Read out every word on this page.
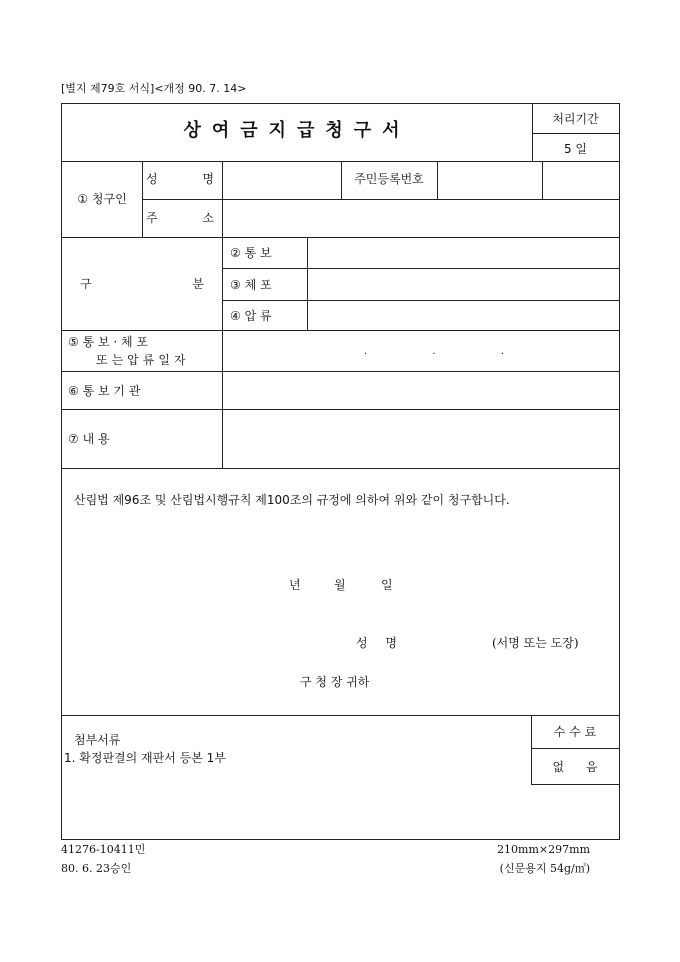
[별지 제79호 서식]<개정 90. 7. 14>
상여금지급청구서
처리기간
5 일
① 청구인
성 명	주민등록번호
주 소
구 분
② 통 보
③ 체 포
④ 압 류
⑤ 통 보 · 체 포
또는압류일자
. . .
⑥ 통 보 기 관
⑦ 내 용
산림법 제96조 및 산림법시행규칙 제100조의 규정에 의하여 위와 같이 청구합니다.
년	월	일
성 명	(서명 또는 도장)
구 청 장 귀하
첨부서류
1. 확정판결의 재판서 등본 1부
수 수 료
없 음
41276-10411민
80. 6. 23승인
210mm×297mm
(신문용지 54g/㎡)
